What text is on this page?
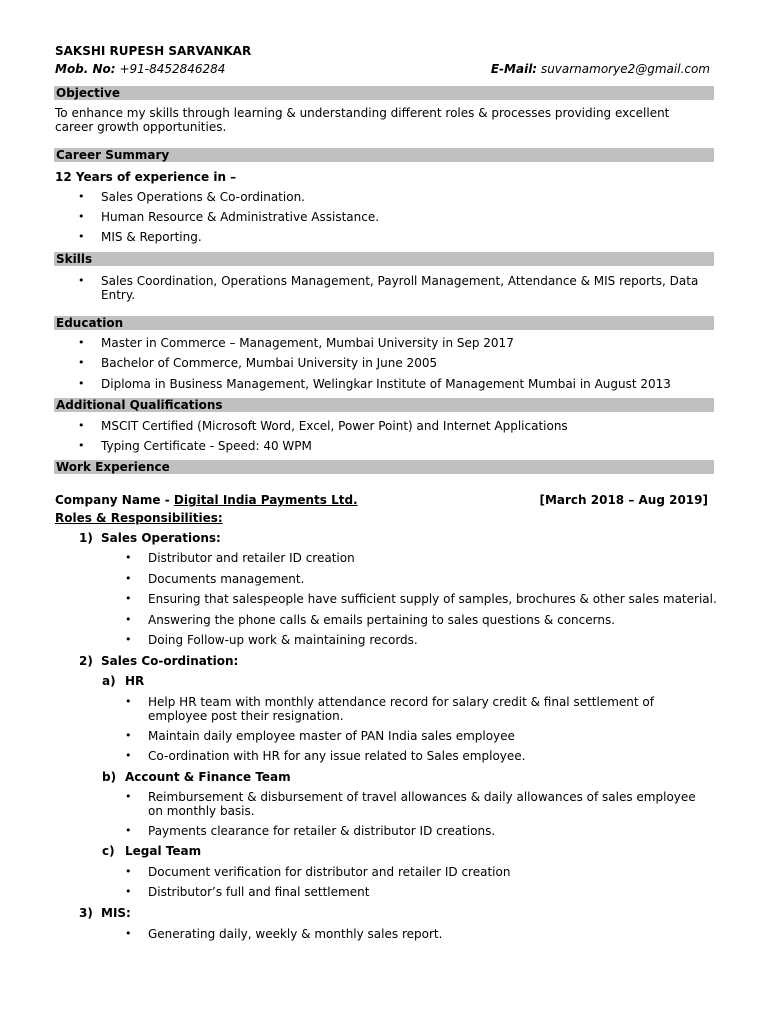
SAKSHI RUPESH SARVANKAR
Mob. No: +91-8452846284	E-Mail: suvarnamorye2@gmail.com
Objective
To enhance my skills through learning & understanding different roles & processes providing excellent career growth opportunities.
Career Summary
12 Years of experience in –
• Sales Operations & Co-ordination.
• Human Resource & Administrative Assistance.
• MIS & Reporting.
Skills
• Sales Coordination, Operations Management, Payroll Management, Attendance & MIS reports, Data Entry.
Education
• Master in Commerce – Management, Mumbai University in Sep 2017
• Bachelor of Commerce, Mumbai University in June 2005
• Diploma in Business Management, Welingkar Institute of Management Mumbai in August 2013
Additional Qualifications
• MSCIT Certified (Microsoft Word, Excel, Power Point) and Internet Applications
• Typing Certificate - Speed: 40 WPM
Work Experience
Company Name - Digital India Payments Ltd.	[March 2018 – Aug 2019]
Roles & Responsibilities:
1) Sales Operations:
• Distributor and retailer ID creation
• Documents management.
• Ensuring that salespeople have sufficient supply of samples, brochures & other sales material.
• Answering the phone calls & emails pertaining to sales questions & concerns.
• Doing Follow-up work & maintaining records.
2) Sales Co-ordination:
a) HR
• Help HR team with monthly attendance record for salary credit & final settlement of employee post their resignation.
• Maintain daily employee master of PAN India sales employee
• Co-ordination with HR for any issue related to Sales employee.
b) Account & Finance Team
• Reimbursement & disbursement of travel allowances & daily allowances of sales employee on monthly basis.
• Payments clearance for retailer & distributor ID creations.
c) Legal Team
• Document verification for distributor and retailer ID creation
• Distributor’s full and final settlement
3) MIS:
• Generating daily, weekly & monthly sales report.
